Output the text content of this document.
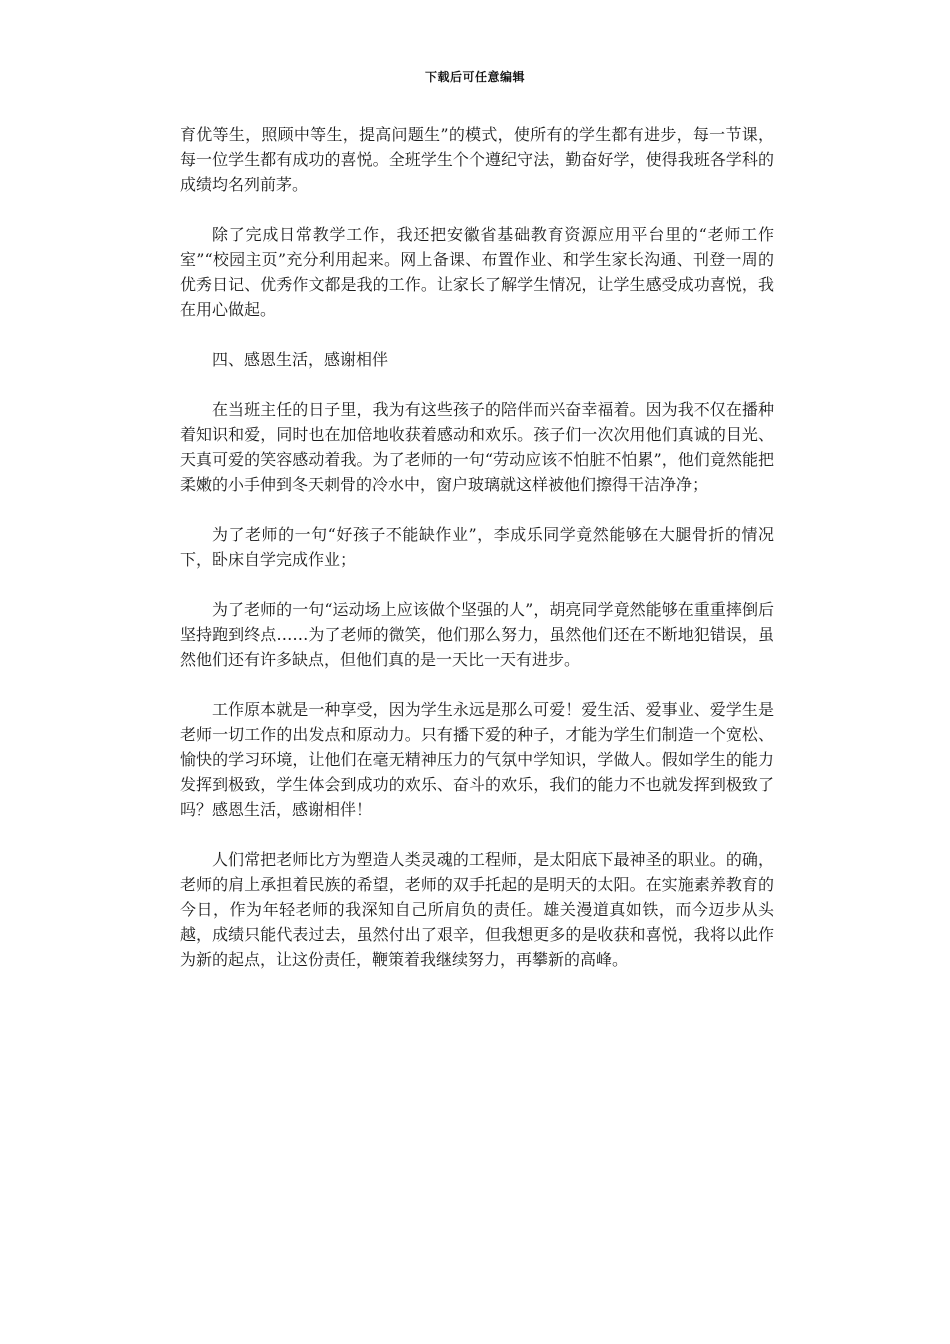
下载后可任意编辑

育优等生，照顾中等生，提高问题生”的模式，使所有的学生都有进步，每一节课，每一位学生都有成功的喜悦。全班学生个个遵纪守法，勤奋好学，使得我班各学科的成绩均名列前茅。

除了完成日常教学工作，我还把安徽省基础教育资源应用平台里的“老师工作室”“校园主页”充分利用起来。网上备课、布置作业、和学生家长沟通、刊登一周的优秀日记、优秀作文都是我的工作。让家长了解学生情况，让学生感受成功喜悦，我在用心做起。

四、感恩生活，感谢相伴

在当班主任的日子里，我为有这些孩子的陪伴而兴奋幸福着。因为我不仅在播种着知识和爱，同时也在加倍地收获着感动和欢乐。孩子们一次次用他们真诚的目光、天真可爱的笑容感动着我。为了老师的一句“劳动应该不怕脏不怕累”，他们竟然能把柔嫩的小手伸到冬天刺骨的冷水中，窗户玻璃就这样被他们擦得干洁净净；

为了老师的一句“好孩子不能缺作业”，李成乐同学竟然能够在大腿骨折的情况下，卧床自学完成作业；

为了老师的一句“运动场上应该做个坚强的人”，胡亮同学竟然能够在重重摔倒后坚持跑到终点……为了老师的微笑，他们那么努力，虽然他们还在不断地犯错误，虽然他们还有许多缺点，但他们真的是一天比一天有进步。

工作原本就是一种享受，因为学生永远是那么可爱！爱生活、爱事业、爱学生是老师一切工作的出发点和原动力。只有播下爱的种子，才能为学生们制造一个宽松、愉快的学习环境，让他们在毫无精神压力的气氛中学知识，学做人。假如学生的能力发挥到极致，学生体会到成功的欢乐、奋斗的欢乐，我们的能力不也就发挥到极致了吗？感恩生活，感谢相伴！

人们常把老师比方为塑造人类灵魂的工程师，是太阳底下最神圣的职业。的确，老师的肩上承担着民族的希望，老师的双手托起的是明天的太阳。在实施素养教育的今日，作为年轻老师的我深知自己所肩负的责任。雄关漫道真如铁，而今迈步从头越，成绩只能代表过去，虽然付出了艰辛，但我想更多的是收获和喜悦，我将以此作为新的起点，让这份责任，鞭策着我继续努力，再攀新的高峰。
